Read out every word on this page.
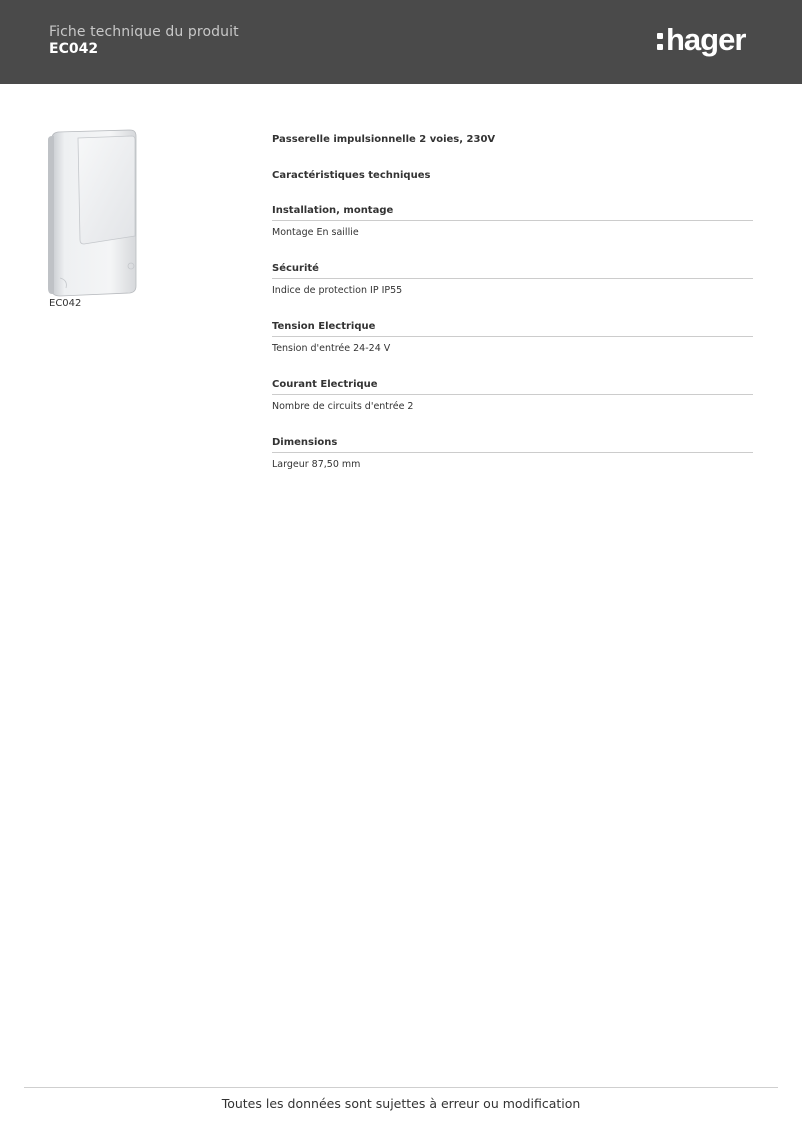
Fiche technique du produit
EC042	hager
EC042
Passerelle impulsionnelle 2 voies, 230V
Caractéristiques techniques
Installation, montage
Montage En saillie
Sécurité
Indice de protection IP IP55
Tension Electrique
Tension d'entrée 24-24 V
Courant Electrique
Nombre de circuits d'entrée 2
Dimensions
Largeur 87,50 mm
Toutes les données sont sujettes à erreur ou modification
